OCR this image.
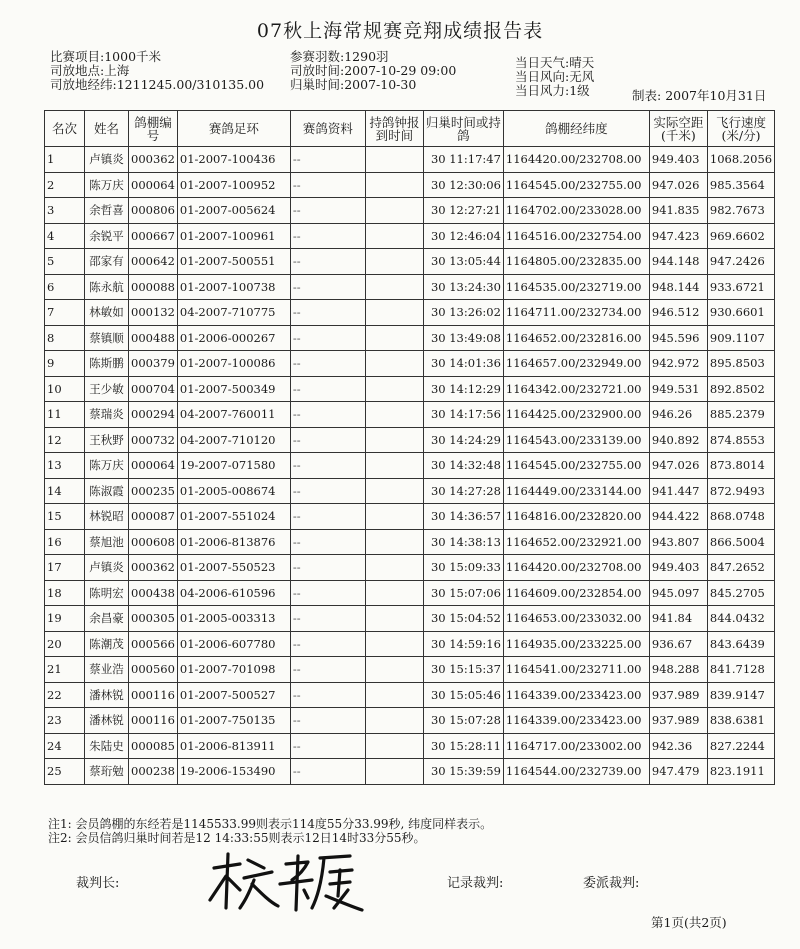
07秋上海常规赛竞翔成绩报告表
比赛项目:1000千米
司放地点:上海
司放地经纬:1211245.00/310135.00
参赛羽数:1290羽
司放时间:2007-10-29 09:00
归巢时间:2007-10-30
当日天气:晴天
当日风向:无风
当日风力:1级	制表: 2007年10月31日
名次	姓名	鸽棚编号	赛鸽足环	赛鸽资料	持鸽钟报到时间	归巢时间或持鸽	鸽棚经纬度	实际空距(千米)	飞行速度(米/分)
1	卢镇炎	000362	01-2007-100436	--		30 11:17:47	1164420.00/232708.00	949.403	1068.2056
2	陈万庆	000064	01-2007-100952	--		30 12:30:06	1164545.00/232755.00	947.026	985.3564
3	余哲喜	000806	01-2007-005624	--		30 12:27:21	1164702.00/233028.00	941.835	982.7673
4	余锐平	000667	01-2007-100961	--		30 12:46:04	1164516.00/232754.00	947.423	969.6602
5	邵家有	000642	01-2007-500551	--		30 13:05:44	1164805.00/232835.00	944.148	947.2426
6	陈永航	000088	01-2007-100738	--		30 13:24:30	1164535.00/232719.00	948.144	933.6721
7	林敏如	000132	04-2007-710775	--		30 13:26:02	1164711.00/232734.00	946.512	930.6601
8	蔡镇顺	000488	01-2006-000267	--		30 13:49:08	1164652.00/232816.00	945.596	909.1107
9	陈斯鹏	000379	01-2007-100086	--		30 14:01:36	1164657.00/232949.00	942.972	895.8503
10	王少敏	000704	01-2007-500349	--		30 14:12:29	1164342.00/232721.00	949.531	892.8502
11	蔡瑞炎	000294	04-2007-760011	--		30 14:17:56	1164425.00/232900.00	946.26	885.2379
12	王秋野	000732	04-2007-710120	--		30 14:24:29	1164543.00/233139.00	940.892	874.8553
13	陈万庆	000064	19-2007-071580	--		30 14:32:48	1164545.00/232755.00	947.026	873.8014
14	陈淑霞	000235	01-2005-008674	--		30 14:27:28	1164449.00/233144.00	941.447	872.9493
15	林锐昭	000087	01-2007-551024	--		30 14:36:57	1164816.00/232820.00	944.422	868.0748
16	蔡旭池	000608	01-2006-813876	--		30 14:38:13	1164652.00/232921.00	943.807	866.5004
17	卢镇炎	000362	01-2007-550523	--		30 15:09:33	1164420.00/232708.00	949.403	847.2652
18	陈明宏	000438	04-2006-610596	--		30 15:07:06	1164609.00/232854.00	945.097	845.2705
19	余昌豪	000305	01-2005-003313	--		30 15:04:52	1164653.00/233032.00	941.84	844.0432
20	陈潮茂	000566	01-2006-607780	--		30 14:59:16	1164935.00/233225.00	936.67	843.6439
21	蔡业浩	000560	01-2007-701098	--		30 15:15:37	1164541.00/232711.00	948.288	841.7128
22	潘林锐	000116	01-2007-500527	--		30 15:05:46	1164339.00/233423.00	937.989	839.9147
23	潘林锐	000116	01-2007-750135	--		30 15:07:28	1164339.00/233423.00	937.989	838.6381
24	朱陆史	000085	01-2006-813911	--		30 15:28:11	1164717.00/233002.00	942.36	827.2244
25	蔡珩勉	000238	19-2006-153490	--		30 15:39:59	1164544.00/232739.00	947.479	823.1911
注1: 会员鸽棚的东经若是1145533.99则表示114度55分33.99秒, 纬度同样表示。
注2: 会员信鸽归巢时间若是12 14:33:55则表示12日14时33分55秒。
裁判长:	记录裁判:	委派裁判:
第1页(共2页)
